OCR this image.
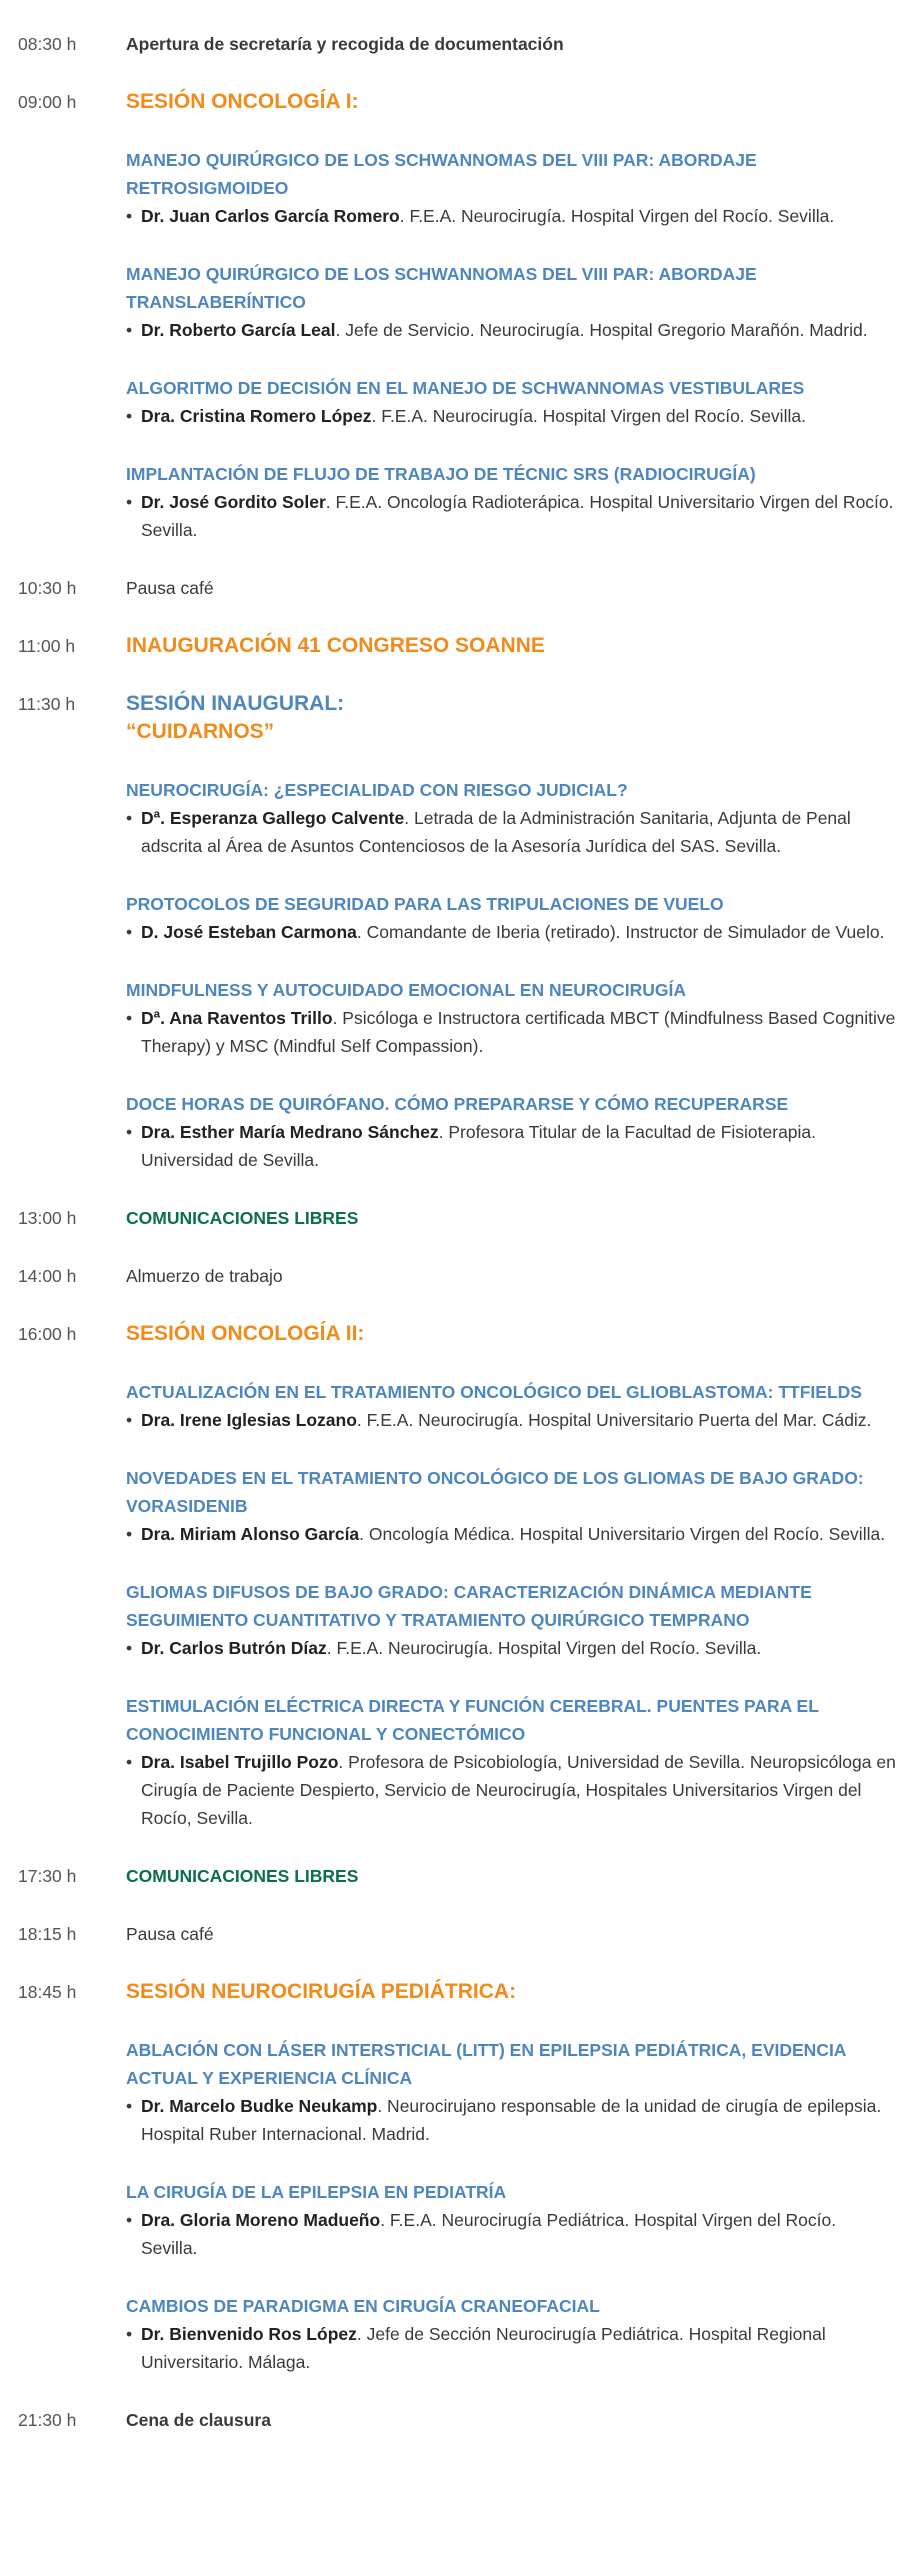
08:30 h	Apertura de secretaría y recogida de documentación
09:00 h	SESIÓN ONCOLOGÍA I:
MANEJO QUIRÚRGICO DE LOS SCHWANNOMAS DEL VIII PAR: ABORDAJE RETROSIGMOIDEO
• Dr. Juan Carlos García Romero. F.E.A. Neurocirugía. Hospital Virgen del Rocío. Sevilla.
MANEJO QUIRÚRGICO DE LOS SCHWANNOMAS DEL VIII PAR: ABORDAJE TRANSLABERÍNTICO
• Dr. Roberto García Leal. Jefe de Servicio. Neurocirugía. Hospital Gregorio Marañón. Madrid.
ALGORITMO DE DECISIÓN EN EL MANEJO DE SCHWANNOMAS VESTIBULARES
• Dra. Cristina Romero López. F.E.A. Neurocirugía. Hospital Virgen del Rocío. Sevilla.
IMPLANTACIÓN DE FLUJO DE TRABAJO DE TÉCNIC SRS (RADIOCIRUGÍA)
• Dr. José Gordito Soler. F.E.A. Oncología Radioterápica. Hospital Universitario Virgen del Rocío. Sevilla.
10:30 h	Pausa café
11:00 h	INAUGURACIÓN 41 CONGRESO SOANNE
11:30 h	SESIÓN INAUGURAL:
“CUIDARNOS”
NEUROCIRUGÍA: ¿ESPECIALIDAD CON RIESGO JUDICIAL?
• Dª. Esperanza Gallego Calvente. Letrada de la Administración Sanitaria, Adjunta de Penal adscrita al Área de Asuntos Contenciosos de la Asesoría Jurídica del SAS. Sevilla.
PROTOCOLOS DE SEGURIDAD PARA LAS TRIPULACIONES DE VUELO
• D. José Esteban Carmona. Comandante de Iberia (retirado). Instructor de Simulador de Vuelo.
MINDFULNESS Y AUTOCUIDADO EMOCIONAL EN NEUROCIRUGÍA
• Dª. Ana Raventos Trillo. Psicóloga e Instructora certificada MBCT (Mindfulness Based Cognitive Therapy) y MSC (Mindful Self Compassion).
DOCE HORAS DE QUIRÓFANO. CÓMO PREPARARSE Y CÓMO RECUPERARSE
• Dra. Esther María Medrano Sánchez. Profesora Titular de la Facultad de Fisioterapia. Universidad de Sevilla.
13:00 h	COMUNICACIONES LIBRES
14:00 h	Almuerzo de trabajo
16:00 h	SESIÓN ONCOLOGÍA II:
ACTUALIZACIÓN EN EL TRATAMIENTO ONCOLÓGICO DEL GLIOBLASTOMA: TTFIELDS
• Dra. Irene Iglesias Lozano. F.E.A. Neurocirugía. Hospital Universitario Puerta del Mar. Cádiz.
NOVEDADES EN EL TRATAMIENTO ONCOLÓGICO DE LOS GLIOMAS DE BAJO GRADO: VORASIDENIB
• Dra. Miriam Alonso García. Oncología Médica. Hospital Universitario Virgen del Rocío. Sevilla.
GLIOMAS DIFUSOS DE BAJO GRADO: CARACTERIZACIÓN DINÁMICA MEDIANTE SEGUIMIENTO CUANTITATIVO Y TRATAMIENTO QUIRÚRGICO TEMPRANO
• Dr. Carlos Butrón Díaz. F.E.A. Neurocirugía. Hospital Virgen del Rocío. Sevilla.
ESTIMULACIÓN ELÉCTRICA DIRECTA Y FUNCIÓN CEREBRAL. PUENTES PARA EL CONOCIMIENTO FUNCIONAL Y CONECTÓMICO
• Dra. Isabel Trujillo Pozo. Profesora de Psicobiología, Universidad de Sevilla. Neuropsicóloga en Cirugía de Paciente Despierto, Servicio de Neurocirugía, Hospitales Universitarios Virgen del Rocío, Sevilla.
17:30 h	COMUNICACIONES LIBRES
18:15 h	Pausa café
18:45 h	SESIÓN NEUROCIRUGÍA PEDIÁTRICA:
ABLACIÓN CON LÁSER INTERSTICIAL (LITT) EN EPILEPSIA PEDIÁTRICA, EVIDENCIA ACTUAL Y EXPERIENCIA CLÍNICA
• Dr. Marcelo Budke Neukamp. Neurocirujano responsable de la unidad de cirugía de epilepsia. Hospital Ruber Internacional. Madrid.
LA CIRUGÍA DE LA EPILEPSIA EN PEDIATRÍA
• Dra. Gloria Moreno Madueño. F.E.A. Neurocirugía Pediátrica. Hospital Virgen del Rocío. Sevilla.
CAMBIOS DE PARADIGMA EN CIRUGÍA CRANEOFACIAL
• Dr. Bienvenido Ros López. Jefe de Sección Neurocirugía Pediátrica. Hospital Regional Universitario. Málaga.
21:30 h	Cena de clausura
